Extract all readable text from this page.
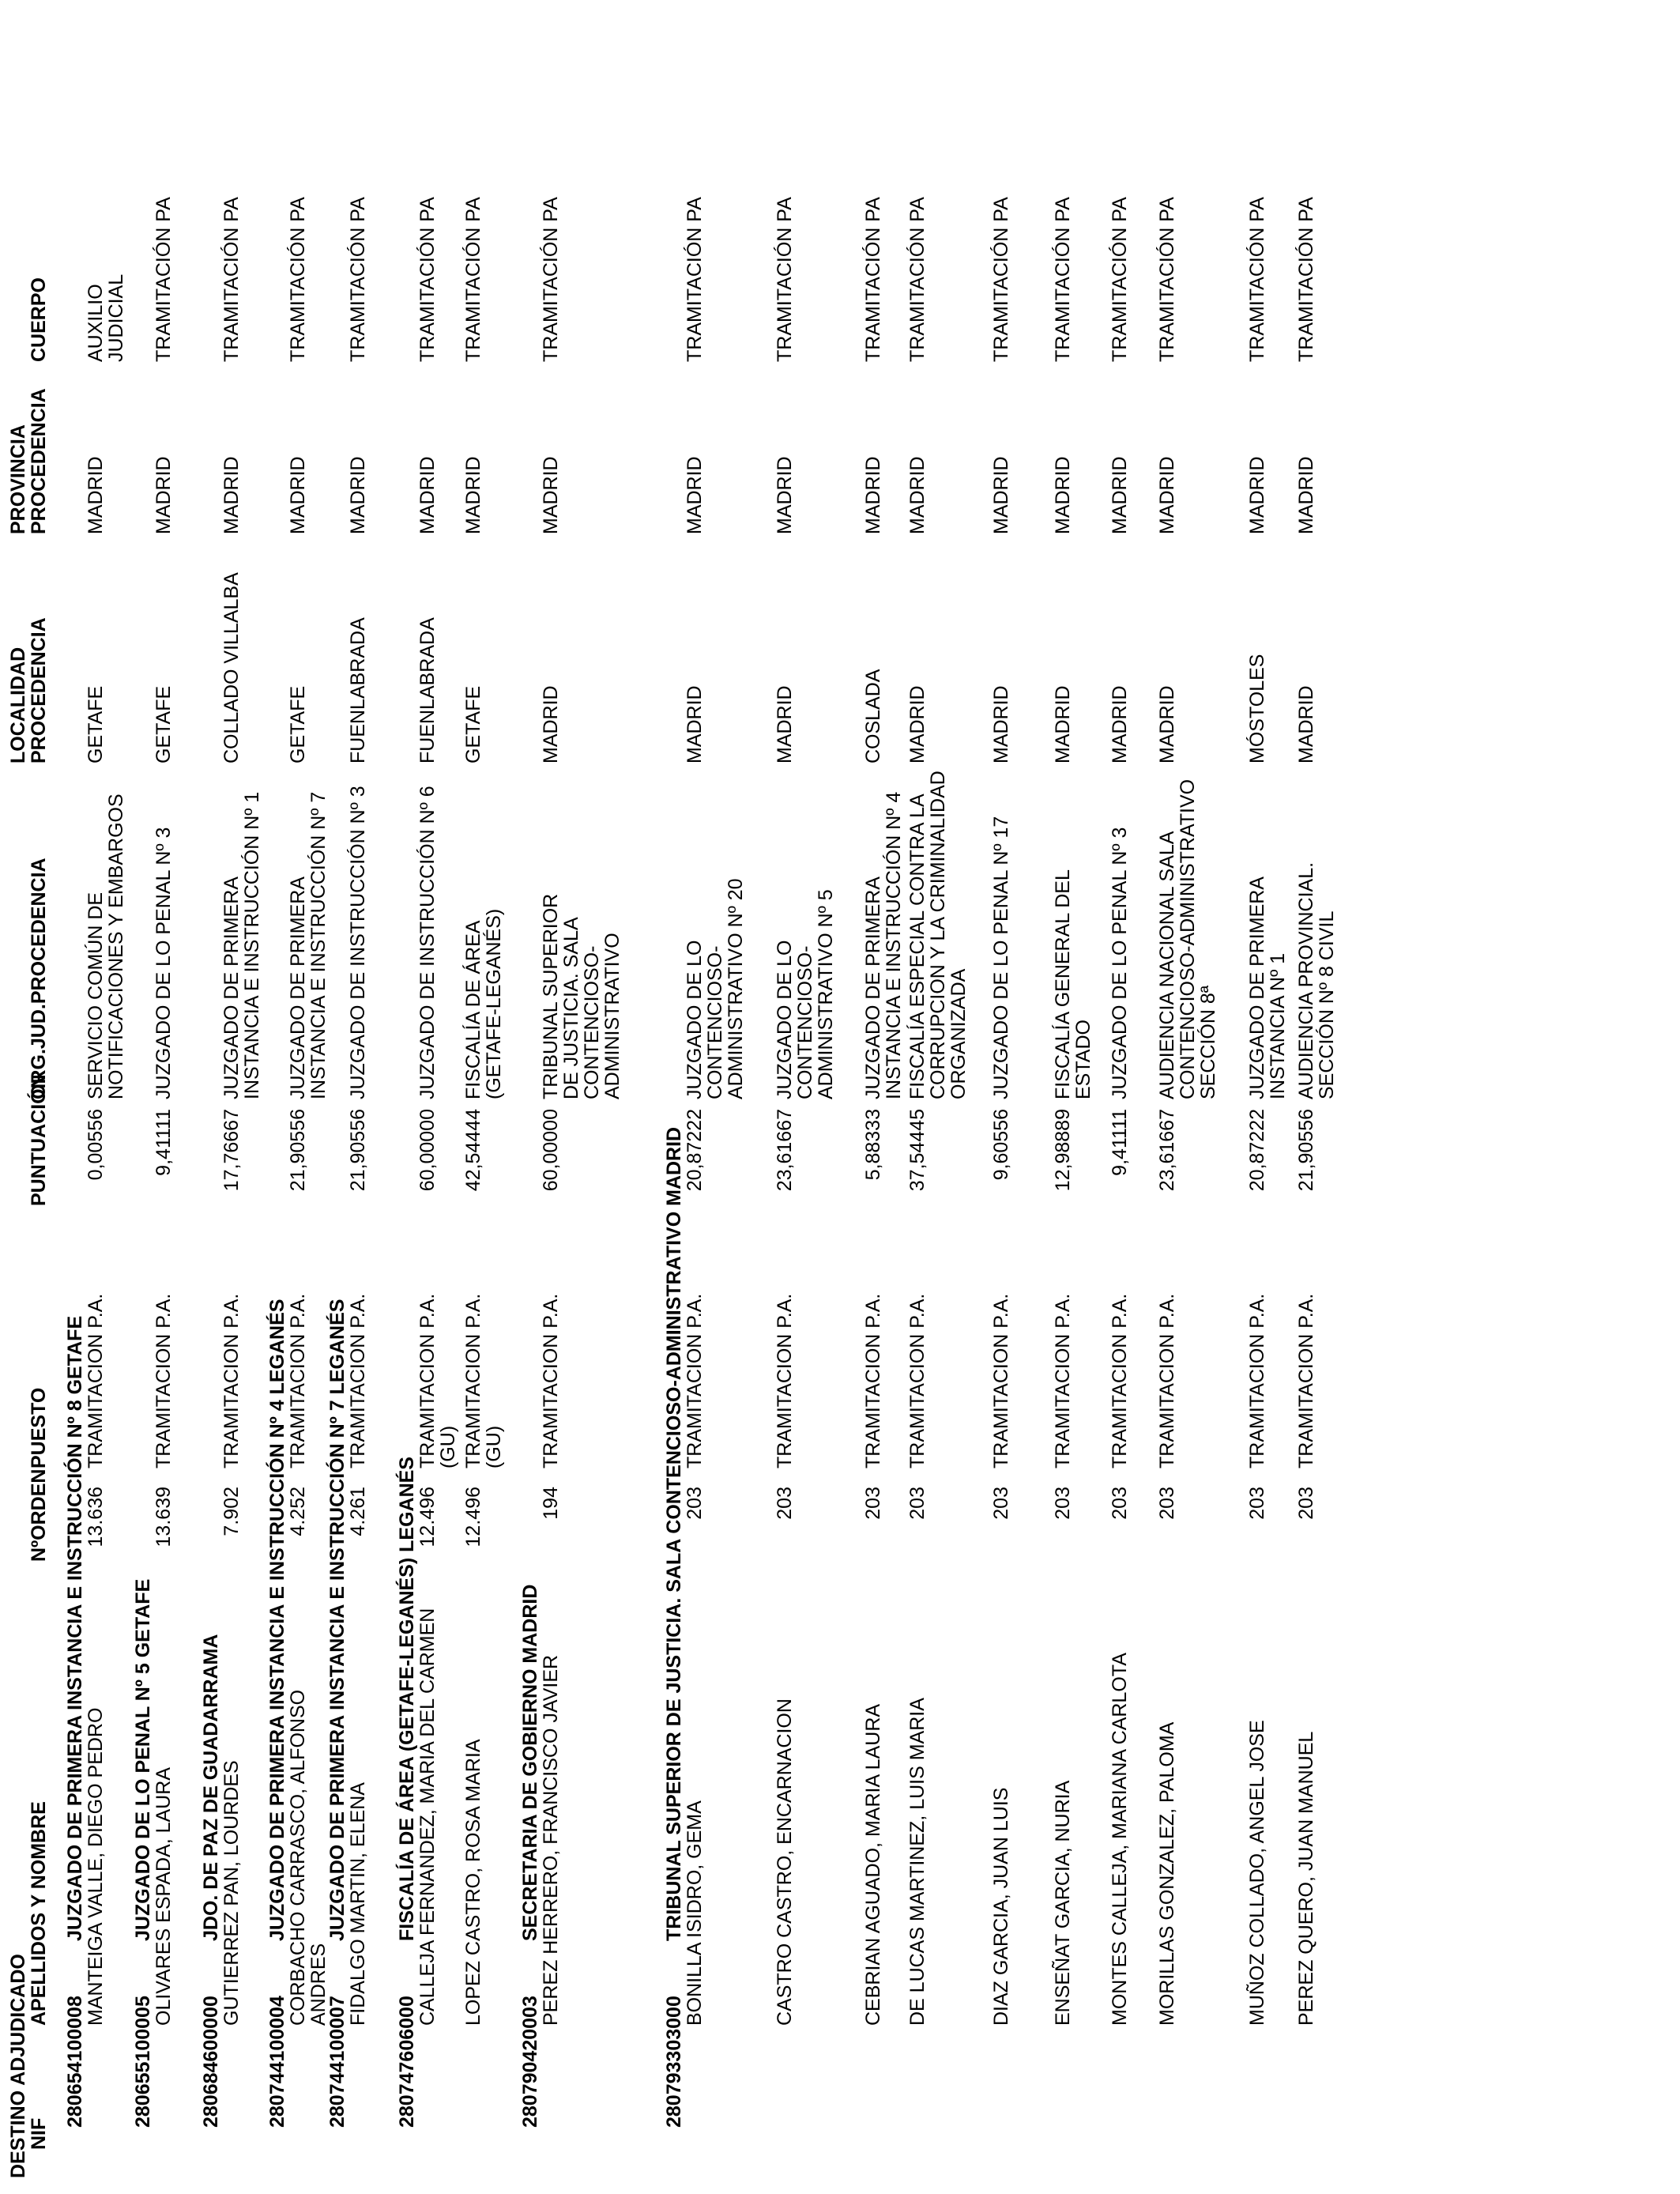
DESTINO ADJUDICADO
NIF
APELLIDOS Y NOMBRE
NºORDEN
PUESTO
PUNTUACIÓN
ORG.JUD.PROCEDENCIA
LOCALIDAD PROCEDENCIA
PROVINCIA PROCEDENCIA
CUERPO
280654100008JUZGADO DE PRIMERA INSTANCIA E INSTRUCCIÓN Nº 8 GETAFE
MANTEIGA VALLE, DIEGO PEDRO
13.636
TRAMITACION P.A.
0,00556
SERVICIO COMÚN DE NOTIFICACIONES Y EMBARGOS
GETAFE
MADRID
AUXILIO JUDICIAL
280655100005JUZGADO DE LO PENAL Nº 5 GETAFE
OLIVARES ESPADA, LAURA
13.639
TRAMITACION P.A.
9,41111
JUZGADO DE LO PENAL Nº 3
GETAFE
MADRID
TRAMITACIÓN PA
280684600000JDO. DE PAZ DE GUADARRAMA
GUTIERREZ PAN, LOURDES
7.902
TRAMITACION P.A.
17,76667
JUZGADO DE PRIMERA INSTANCIA E INSTRUCCIÓN Nº 1
COLLADO VILLALBA
MADRID
TRAMITACIÓN PA
280744100004JUZGADO DE PRIMERA INSTANCIA E INSTRUCCIÓN Nº 4 LEGANÉS
CORBACHO CARRASCO, ALFONSO ANDRES
4.252
TRAMITACION P.A.
21,90556
JUZGADO DE PRIMERA INSTANCIA E INSTRUCCIÓN Nº 7
GETAFE
MADRID
TRAMITACIÓN PA
280744100007JUZGADO DE PRIMERA INSTANCIA E INSTRUCCIÓN Nº 7 LEGANÉS
FIDALGO MARTIN, ELENA
4.261
TRAMITACION P.A.
21,90556
JUZGADO DE INSTRUCCIÓN Nº 3
FUENLABRADA
MADRID
TRAMITACIÓN PA
280747606000FISCALÍA DE ÁREA (GETAFE-LEGANÉS) LEGANÉS
CALLEJA FERNANDEZ, MARIA DEL CARMEN
12.496
TRAMITACION P.A. (GU)
60,00000
JUZGADO DE INSTRUCCIÓN Nº 6
FUENLABRADA
MADRID
TRAMITACIÓN PA
LOPEZ CASTRO, ROSA MARIA
12.496
TRAMITACION P.A. (GU)
42,54444
FISCALÍA DE ÁREA (GETAFE-LEGANÉS)
GETAFE
MADRID
TRAMITACIÓN PA
280790420003SECRETARIA DE GOBIERNO MADRID
PEREZ HERRERO, FRANCISCO JAVIER
194
TRAMITACION P.A.
60,00000
TRIBUNAL SUPERIOR DE JUSTICIA. SALA CONTENCIOSO-ADMINISTRATIVO
MADRID
MADRID
TRAMITACIÓN PA
280793303000TRIBUNAL SUPERIOR DE JUSTICIA. SALA CONTENCIOSO-ADMINISTRATIVO MADRID
BONILLA ISIDRO, GEMA
203
TRAMITACION P.A.
20,87222
JUZGADO DE LO CONTENCIOSO-ADMINISTRATIVO Nº 20
MADRID
MADRID
TRAMITACIÓN PA
CASTRO CASTRO, ENCARNACION
203
TRAMITACION P.A.
23,61667
JUZGADO DE LO CONTENCIOSO-ADMINISTRATIVO Nº 5
MADRID
MADRID
TRAMITACIÓN PA
CEBRIAN AGUADO, MARIA LAURA
203
TRAMITACION P.A.
5,88333
JUZGADO DE PRIMERA INSTANCIA E INSTRUCCIÓN Nº 4
COSLADA
MADRID
TRAMITACIÓN PA
DE LUCAS MARTINEZ, LUIS MARIA
203
TRAMITACION P.A.
37,54445
FISCALÍA ESPECIAL CONTRA LA CORRUPCION Y LA CRIMINALIDAD ORGANIZADA
MADRID
MADRID
TRAMITACIÓN PA
DIAZ GARCIA, JUAN LUIS
203
TRAMITACION P.A.
9,60556
JUZGADO DE LO PENAL Nº 17
MADRID
MADRID
TRAMITACIÓN PA
ENSEÑAT GARCIA, NURIA
203
TRAMITACION P.A.
12,98889
FISCALÍA GENERAL DEL ESTADO
MADRID
MADRID
TRAMITACIÓN PA
MONTES CALLEJA, MARIANA CARLOTA
203
TRAMITACION P.A.
9,41111
JUZGADO DE LO PENAL Nº 3
MADRID
MADRID
TRAMITACIÓN PA
MORILLAS GONZALEZ, PALOMA
203
TRAMITACION P.A.
23,61667
AUDIENCIA NACIONAL SALA CONTENCIOSO-ADMINISTRATIVO SECCIÓN 8ª
MADRID
MADRID
TRAMITACIÓN PA
MUÑOZ COLLADO, ANGEL JOSE
203
TRAMITACION P.A.
20,87222
JUZGADO DE PRIMERA INSTANCIA Nº 1
MÓSTOLES
MADRID
TRAMITACIÓN PA
PEREZ QUERO, JUAN MANUEL
203
TRAMITACION P.A.
21,90556
AUDIENCIA PROVINCIAL. SECCIÓN Nº 8 CIVIL
MADRID
MADRID
TRAMITACIÓN PA
